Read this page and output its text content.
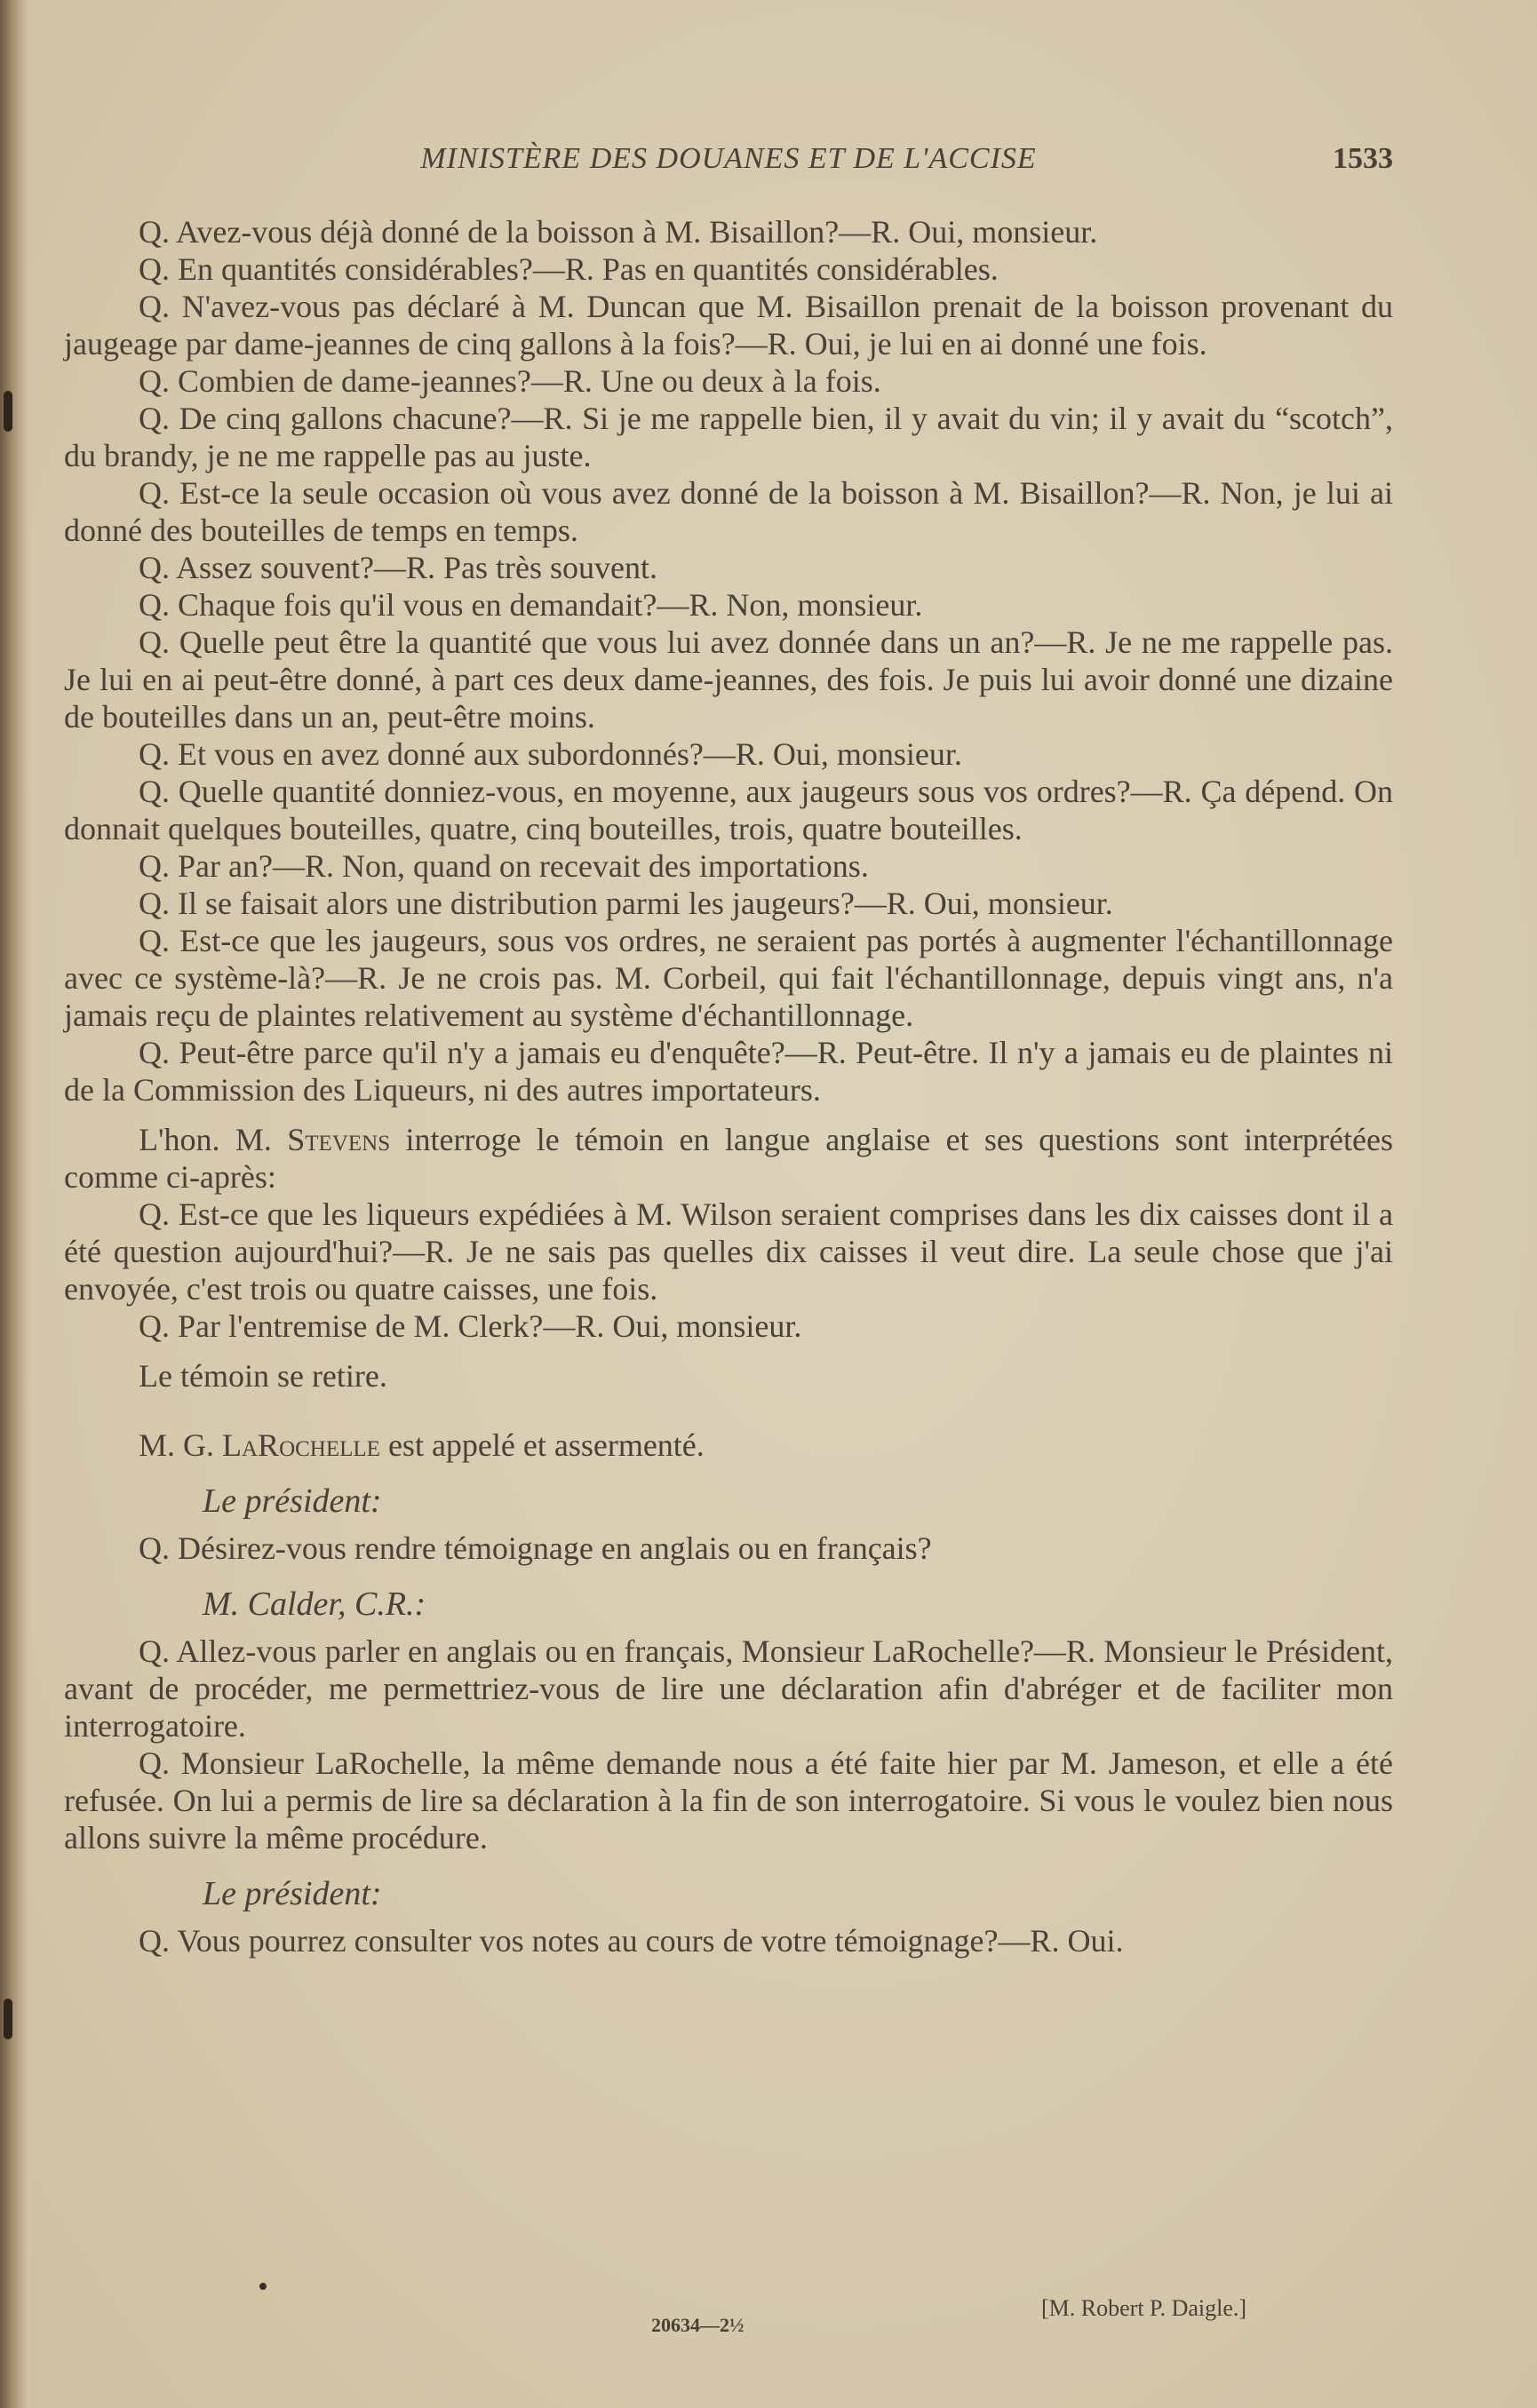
MINISTÈRE DES DOUANES ET DE L'ACCISE	1533

Q. Avez-vous déjà donné de la boisson à M. Bisaillon?—R. Oui, monsieur.

Q. En quantités considérables?—R. Pas en quantités considérables.

Q. N'avez-vous pas déclaré à M. Duncan que M. Bisaillon prenait de la boisson provenant du jaugeage par dame-jeannes de cinq gallons à la fois?—R. Oui, je lui en ai donné une fois.

Q. Combien de dame-jeannes?—R. Une ou deux à la fois.

Q. De cinq gallons chacune?—R. Si je me rappelle bien, il y avait du vin; il y avait du “scotch”, du brandy, je ne me rappelle pas au juste.

Q. Est-ce la seule occasion où vous avez donné de la boisson à M. Bisaillon?—R. Non, je lui ai donné des bouteilles de temps en temps.

Q. Assez souvent?—R. Pas très souvent.

Q. Chaque fois qu'il vous en demandait?—R. Non, monsieur.

Q. Quelle peut être la quantité que vous lui avez donnée dans un an?—R. Je ne me rappelle pas. Je lui en ai peut-être donné, à part ces deux dame-jeannes, des fois. Je puis lui avoir donné une dizaine de bouteilles dans un an, peut-être moins.

Q. Et vous en avez donné aux subordonnés?—R. Oui, monsieur.

Q. Quelle quantité donniez-vous, en moyenne, aux jaugeurs sous vos ordres?—R. Ça dépend. On donnait quelques bouteilles, quatre, cinq bouteilles, trois, quatre bouteilles.

Q. Par an?—R. Non, quand on recevait des importations.

Q. Il se faisait alors une distribution parmi les jaugeurs?—R. Oui, monsieur.

Q. Est-ce que les jaugeurs, sous vos ordres, ne seraient pas portés à augmenter l'échantillonnage avec ce système-là?—R. Je ne crois pas. M. Corbeil, qui fait l'échantillonnage, depuis vingt ans, n'a jamais reçu de plaintes relativement au système d'échantillonnage.

Q. Peut-être parce qu'il n'y a jamais eu d'enquête?—R. Peut-être. Il n'y a jamais eu de plaintes ni de la Commission des Liqueurs, ni des autres importateurs.

L'hon. M. Stevens interroge le témoin en langue anglaise et ses questions sont interprétées comme ci-après:

Q. Est-ce que les liqueurs expédiées à M. Wilson seraient comprises dans les dix caisses dont il a été question aujourd'hui?—R. Je ne sais pas quelles dix caisses il veut dire. La seule chose que j'ai envoyée, c'est trois ou quatre caisses, une fois.

Q. Par l'entremise de M. Clerk?—R. Oui, monsieur.

Le témoin se retire.

M. G. LaRochelle est appelé et assermenté.

Le président:

Q. Désirez-vous rendre témoignage en anglais ou en français?

M. Calder, C.R.:

Q. Allez-vous parler en anglais ou en français, Monsieur LaRochelle?—R. Monsieur le Président, avant de procéder, me permettriez-vous de lire une déclaration afin d'abréger et de faciliter mon interrogatoire.

Q. Monsieur LaRochelle, la même demande nous a été faite hier par M. Jameson, et elle a été refusée. On lui a permis de lire sa déclaration à la fin de son interrogatoire. Si vous le voulez bien nous allons suivre la même procédure.

Le président:

Q. Vous pourrez consulter vos notes au cours de votre témoignage?—R. Oui.

20634—2½
[M. Robert P. Daigle.]
